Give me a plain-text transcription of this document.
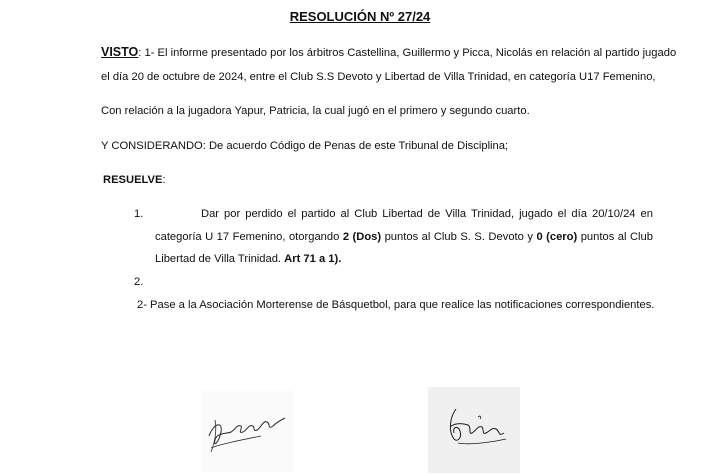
RESOLUCIÓN Nº 27/24
VISTO: 1- El informe presentado por los árbitros Castellina, Guillermo y Picca, Nicolás en relación al partido jugado
el día 20 de octubre de 2024, entre el Club S.S Devoto y Libertad de Villa Trinidad, en categoría U17 Femenino,
Con relación a la jugadora Yapur, Patricia, la cual jugó en el primero y segundo cuarto.
Y CONSIDERANDO: De acuerdo Código de Penas de este Tribunal de Disciplina;
RESUELVE:
1.	Dar por perdido el partido al Club Libertad de Villa Trinidad, jugado el día 20/10/24 en
categoría U 17 Femenino, otorgando 2 (Dos) puntos al Club S. S. Devoto y 0 (cero) puntos al Club
Libertad de Villa Trinidad. Art 71 a 1).
2.
2- Pase a la Asociación Morterense de Básquetbol, para que realice las notificaciones correspondientes.
